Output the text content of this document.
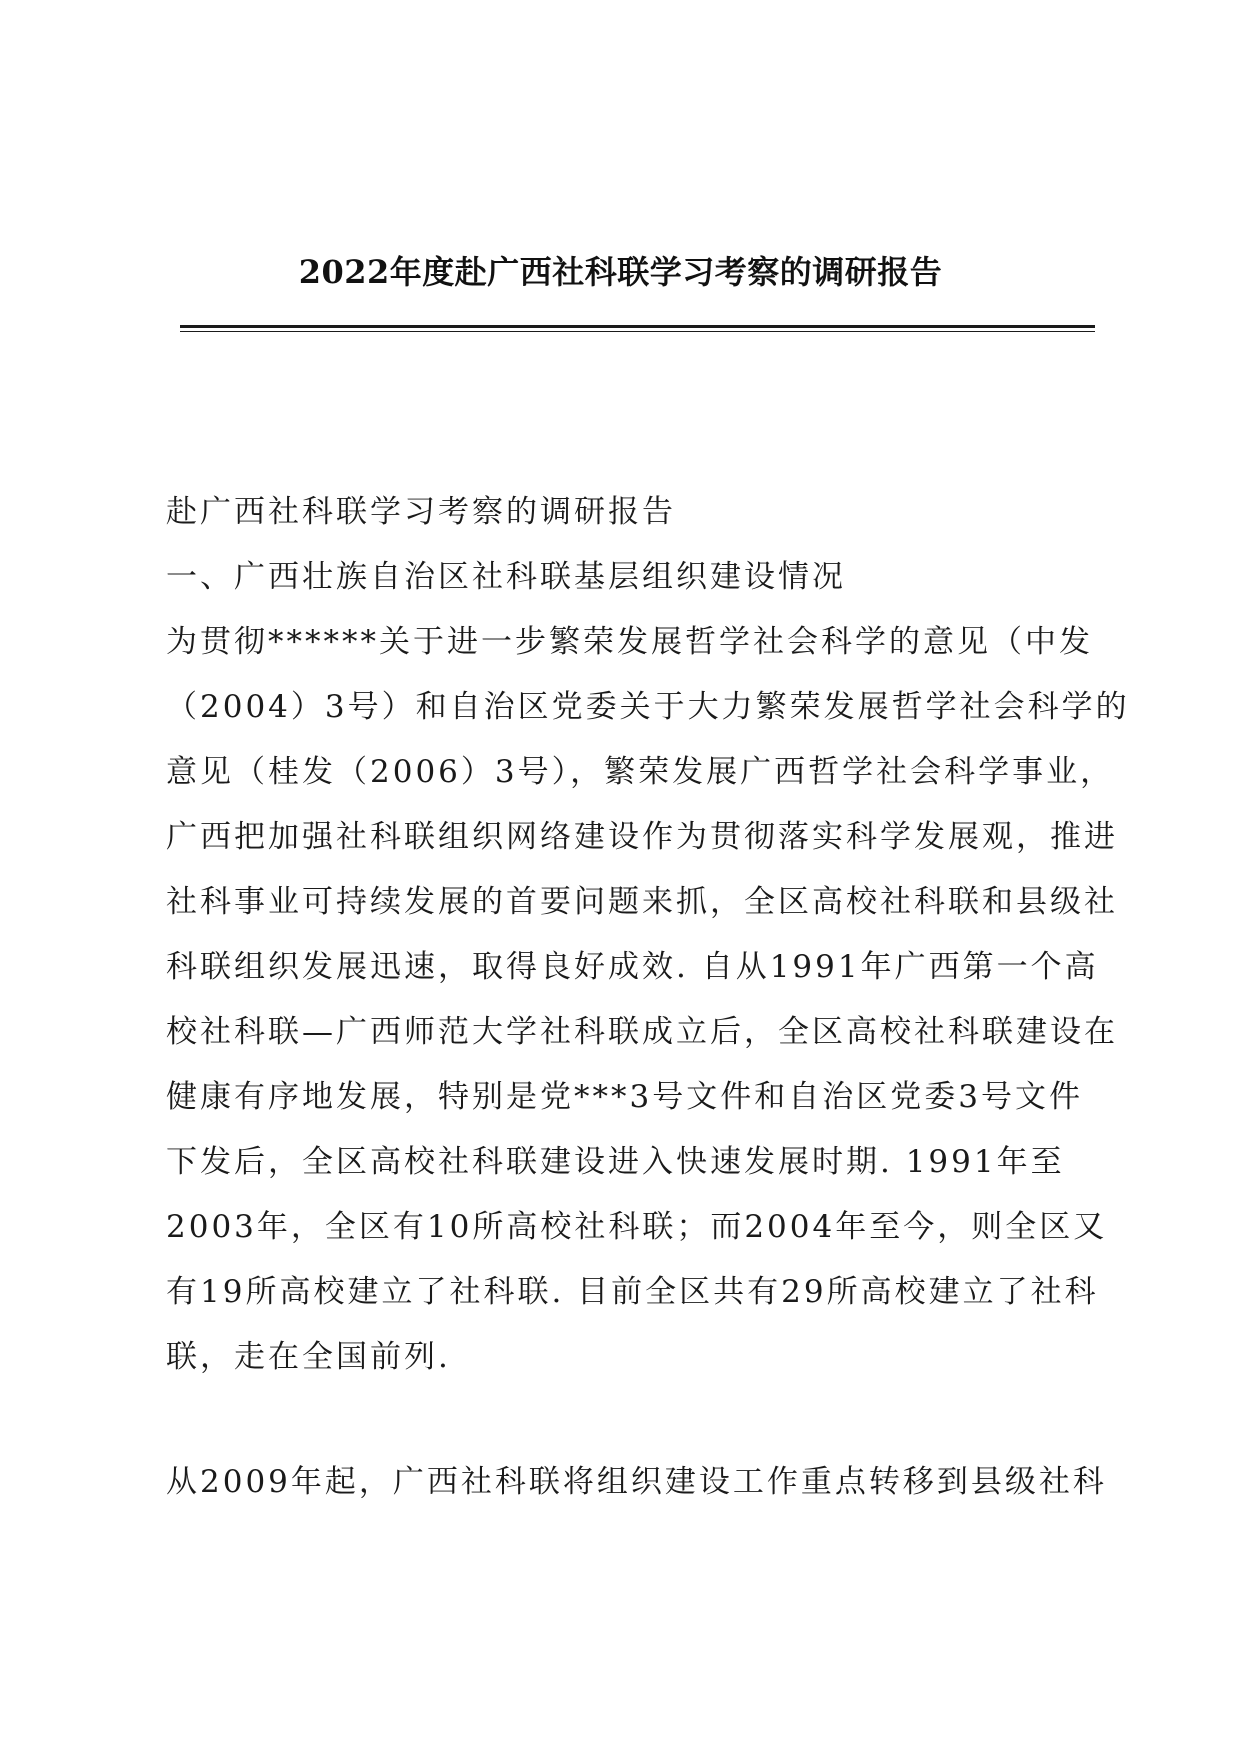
2022年度赴广西社科联学习考察的调研报告
赴广西社科联学习考察的调研报告
一、广西壮族自治区社科联基层组织建设情况
为贯彻******关于进一步繁荣发展哲学社会科学的意见（中发
（2004）3号）和自治区党委关于大力繁荣发展哲学社会科学的
意见（桂发（2006）3号），繁荣发展广西哲学社会科学事业，
广西把加强社科联组织网络建设作为贯彻落实科学发展观，推进
社科事业可持续发展的首要问题来抓，全区高校社科联和县级社
科联组织发展迅速，取得良好成效. 自从1991年广西第一个高
校社科联—广西师范大学社科联成立后，全区高校社科联建设在
健康有序地发展，特别是党***3号文件和自治区党委3号文件
下发后，全区高校社科联建设进入快速发展时期. 1991年至
2003年，全区有10所高校社科联；而2004年至今，则全区又
有19所高校建立了社科联. 目前全区共有29所高校建立了社科
联，走在全国前列.
从2009年起，广西社科联将组织建设工作重点转移到县级社科
